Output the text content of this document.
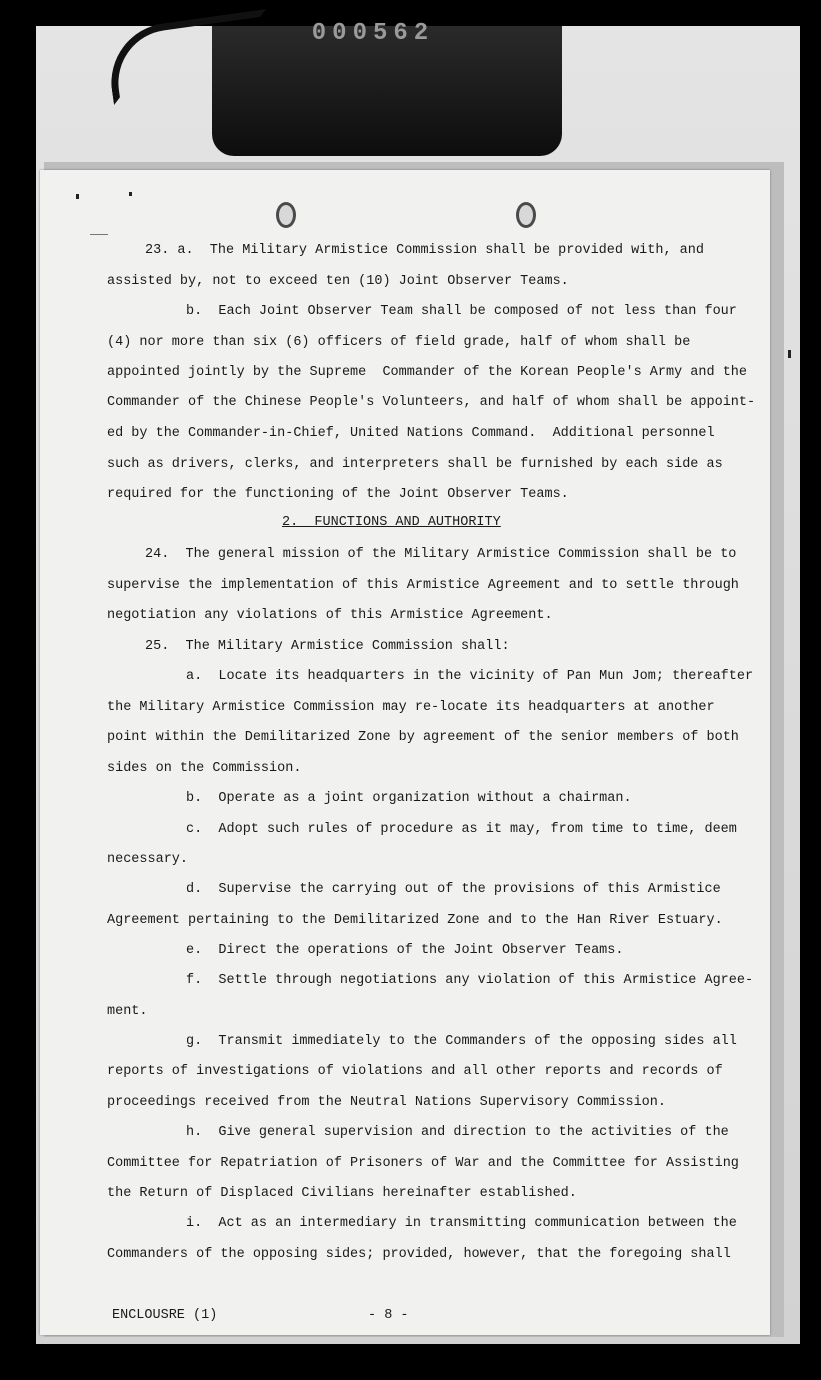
000562
23. a.  The Military Armistice Commission shall be provided with, and
assisted by, not to exceed ten (10) Joint Observer Teams.
b.  Each Joint Observer Team shall be composed of not less than four
(4) nor more than six (6) officers of field grade, half of whom shall be
appointed jointly by the Supreme  Commander of the Korean People's Army and the
Commander of the Chinese People's Volunteers, and half of whom shall be appoint-
ed by the Commander-in-Chief, United Nations Command.  Additional personnel
such as drivers, clerks, and interpreters shall be furnished by each side as
required for the functioning of the Joint Observer Teams.
24.  The general mission of the Military Armistice Commission shall be to
supervise the implementation of this Armistice Agreement and to settle through
negotiation any violations of this Armistice Agreement.
25.  The Military Armistice Commission shall:
a.  Locate its headquarters in the vicinity of Pan Mun Jom; thereafter
the Military Armistice Commission may re-locate its headquarters at another
point within the Demilitarized Zone by agreement of the senior members of both
sides on the Commission.
b.  Operate as a joint organization without a chairman.
c.  Adopt such rules of procedure as it may, from time to time, deem
necessary.
d.  Supervise the carrying out of the provisions of this Armistice
Agreement pertaining to the Demilitarized Zone and to the Han River Estuary.
e.  Direct the operations of the Joint Observer Teams.
f.  Settle through negotiations any violation of this Armistice Agree-
ment.
g.  Transmit immediately to the Commanders of the opposing sides all
reports of investigations of violations and all other reports and records of
proceedings received from the Neutral Nations Supervisory Commission.
h.  Give general supervision and direction to the activities of the
Committee for Repatriation of Prisoners of War and the Committee for Assisting
the Return of Displaced Civilians hereinafter established.
i.  Act as an intermediary in transmitting communication between the
Commanders of the opposing sides; provided, however, that the foregoing shall
2.  FUNCTIONS AND AUTHORITY
ENCLOUSRE (1)	- 8 -
